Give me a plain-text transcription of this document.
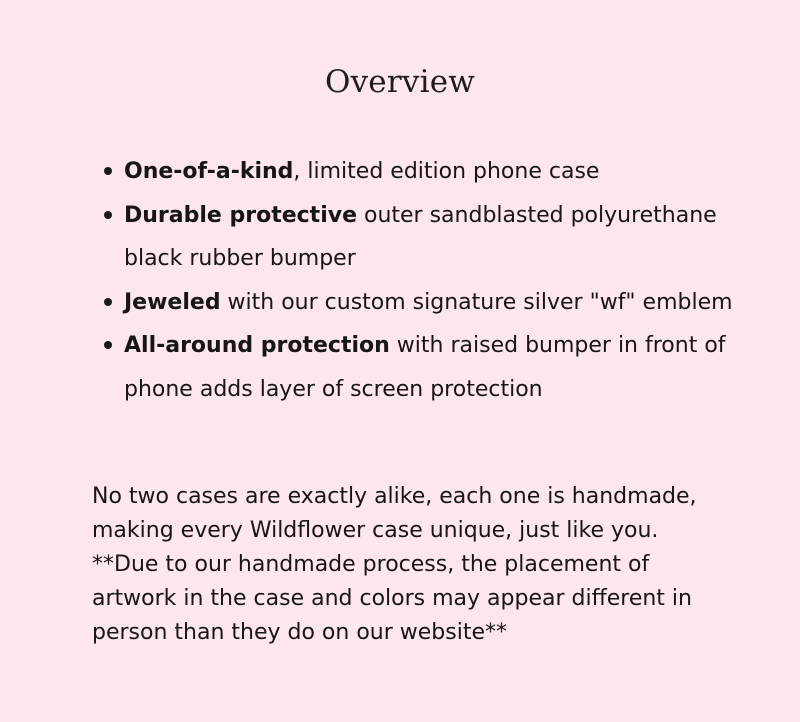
Overview
One-of-a-kind, limited edition phone case
Durable protective outer sandblasted polyurethane black rubber bumper
Jeweled with our custom signature silver "wf" emblem
All-around protection with raised bumper in front of phone adds layer of screen protection

No two cases are exactly alike, each one is handmade,
making every Wildflower case unique, just like you.
**Due to our handmade process, the placement of
artwork in the case and colors may appear different in
person than they do on our website**
